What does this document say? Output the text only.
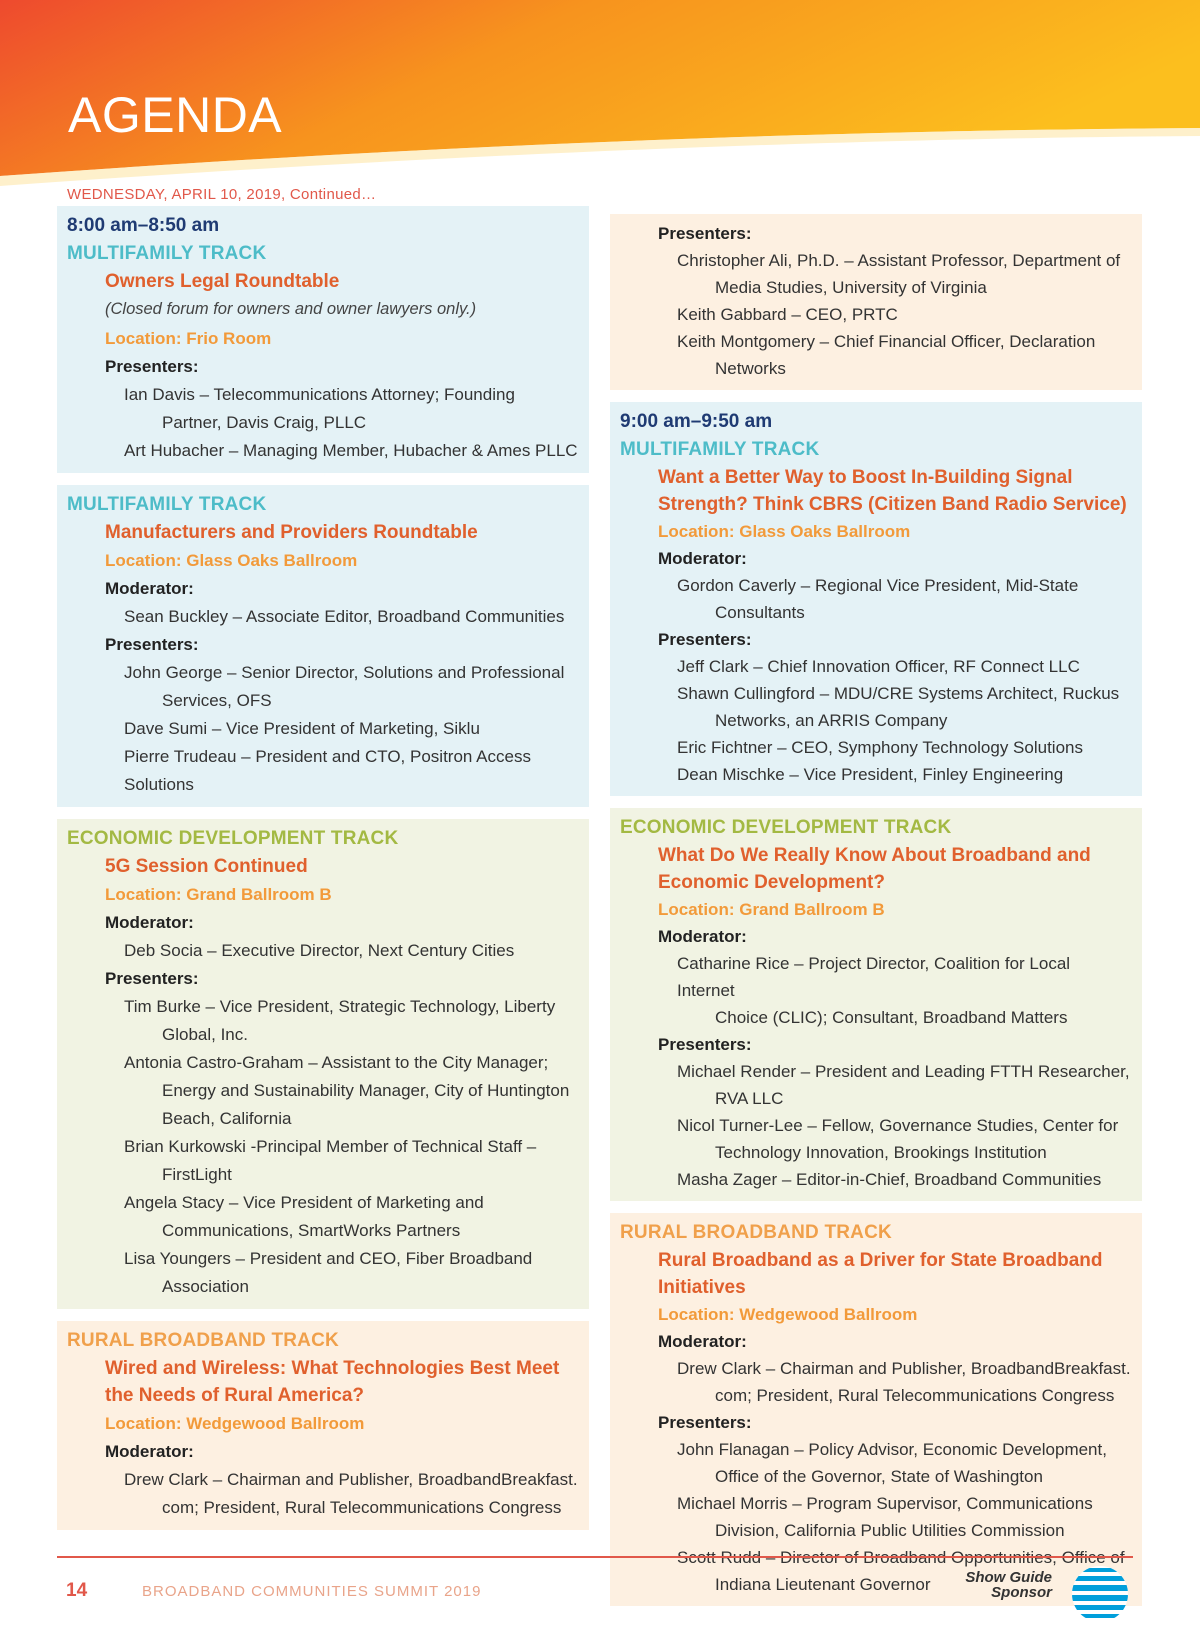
AGENDA
WEDNESDAY, APRIL 10, 2019, Continued…
8:00 am–8:50 am
MULTIFAMILY TRACK
Owners Legal Roundtable
(Closed forum for owners and owner lawyers only.)
Location: Frio Room
Presenters:
Ian Davis – Telecommunications Attorney; Founding
Partner, Davis Craig, PLLC
Art Hubacher – Managing Member, Hubacher & Ames PLLC
MULTIFAMILY TRACK
Manufacturers and Providers Roundtable
Location: Glass Oaks Ballroom
Moderator:
Sean Buckley – Associate Editor, Broadband Communities
Presenters:
John George – Senior Director, Solutions and Professional
Services, OFS
Dave Sumi – Vice President of Marketing, Siklu
Pierre Trudeau – President and CTO, Positron Access Solutions
ECONOMIC DEVELOPMENT TRACK
5G Session Continued
Location: Grand Ballroom B
Moderator:
Deb Socia – Executive Director, Next Century Cities
Presenters:
Tim Burke – Vice President, Strategic Technology, Liberty
Global, Inc.
Antonia Castro-Graham – Assistant to the City Manager;
Energy and Sustainability Manager, City of Huntington
Beach, California
Brian Kurkowski -Principal Member of Technical Staff –
FirstLight
Angela Stacy – Vice President of Marketing and
Communications, SmartWorks Partners
Lisa Youngers – President and CEO, Fiber Broadband
Association
RURAL BROADBAND TRACK
Wired and Wireless: What Technologies Best Meet
the Needs of Rural America?
Location: Wedgewood Ballroom
Moderator:
Drew Clark – Chairman and Publisher, BroadbandBreakfast.
com; President, Rural Telecommunications Congress
Presenters:
Christopher Ali, Ph.D. – Assistant Professor, Department of
Media Studies, University of Virginia
Keith Gabbard – CEO, PRTC
Keith Montgomery – Chief Financial Officer, Declaration
Networks
9:00 am–9:50 am
MULTIFAMILY TRACK
Want a Better Way to Boost In-Building Signal
Strength? Think CBRS (Citizen Band Radio Service)
Location: Glass Oaks Ballroom
Moderator:
Gordon Caverly – Regional Vice President, Mid-State
Consultants
Presenters:
Jeff Clark – Chief Innovation Officer, RF Connect LLC
Shawn Cullingford – MDU/CRE Systems Architect, Ruckus
Networks, an ARRIS Company
Eric Fichtner – CEO, Symphony Technology Solutions
Dean Mischke – Vice President, Finley Engineering
ECONOMIC DEVELOPMENT TRACK
What Do We Really Know About Broadband and
Economic Development?
Location: Grand Ballroom B
Moderator:
Catharine Rice – Project Director, Coalition for Local Internet
Choice (CLIC); Consultant, Broadband Matters
Presenters:
Michael Render – President and Leading FTTH Researcher,
RVA LLC
Nicol Turner-Lee – Fellow, Governance Studies, Center for
Technology Innovation, Brookings Institution
Masha Zager – Editor-in-Chief, Broadband Communities
RURAL BROADBAND TRACK
Rural Broadband as a Driver for State Broadband
Initiatives
Location: Wedgewood Ballroom
Moderator:
Drew Clark – Chairman and Publisher, BroadbandBreakfast.
com; President, Rural Telecommunications Congress
Presenters:
John Flanagan – Policy Advisor, Economic Development,
Office of the Governor, State of Washington
Michael Morris – Program Supervisor, Communications
Division, California Public Utilities Commission
Indiana Lieutenant Governor
14	BROADBAND COMMUNITIES SUMMIT 2019
Show Guide
Sponsor
